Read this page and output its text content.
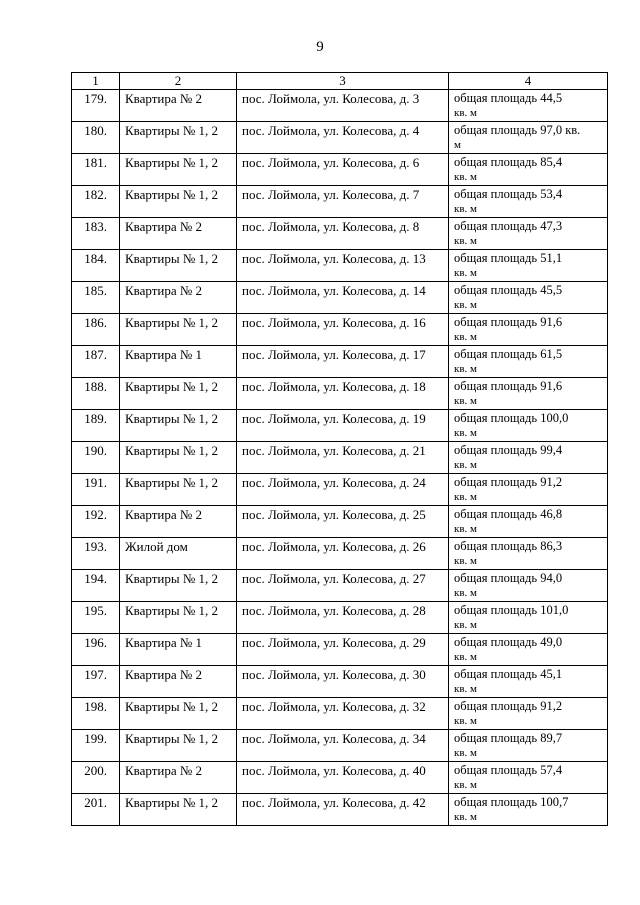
9
1	2	3	4
179.	Квартира № 2	пос. Лоймола, ул. Колесова, д. 3	общая площадь 44,5
кв. м

180.	Квартиры № 1, 2	пос. Лоймола, ул. Колесова, д. 4	общая площадь 97,0 кв.
м

181.	Квартиры № 1, 2	пос. Лоймола, ул. Колесова, д. 6	общая площадь 85,4
кв. м

182.	Квартиры № 1, 2	пос. Лоймола, ул. Колесова, д. 7	общая площадь 53,4
кв. м

183.	Квартира № 2	пос. Лоймола, ул. Колесова, д. 8	общая площадь 47,3
кв. м

184.	Квартиры № 1, 2	пос. Лоймола, ул. Колесова, д. 13	общая площадь 51,1
кв. м

185.	Квартира № 2	пос. Лоймола, ул. Колесова, д. 14	общая площадь 45,5
кв. м

186.	Квартиры № 1, 2	пос. Лоймола, ул. Колесова, д. 16	общая площадь 91,6
кв. м

187.	Квартира № 1	пос. Лоймола, ул. Колесова, д. 17	общая площадь 61,5
кв. м

188.	Квартиры № 1, 2	пос. Лоймола, ул. Колесова, д. 18	общая площадь 91,6
кв. м

189.	Квартиры № 1, 2	пос. Лоймола, ул. Колесова, д. 19	общая площадь 100,0
кв. м

190.	Квартиры № 1, 2	пос. Лоймола, ул. Колесова, д. 21	общая площадь 99,4
кв. м

191.	Квартиры № 1, 2	пос. Лоймола, ул. Колесова, д. 24	общая площадь 91,2
кв. м

192.	Квартира № 2	пос. Лоймола, ул. Колесова, д. 25	общая площадь 46,8
кв. м

193.	Жилой дом	пос. Лоймола, ул. Колесова, д. 26	общая площадь 86,3
кв. м

194.	Квартиры № 1, 2	пос. Лоймола, ул. Колесова, д. 27	общая площадь 94,0
кв. м

195.	Квартиры № 1, 2	пос. Лоймола, ул. Колесова, д. 28	общая площадь 101,0
кв. м

196.	Квартира № 1	пос. Лоймола, ул. Колесова, д. 29	общая площадь 49,0
кв. м

197.	Квартира № 2	пос. Лоймола, ул. Колесова, д. 30	общая площадь 45,1
кв. м

198.	Квартиры № 1, 2	пос. Лоймола, ул. Колесова, д. 32	общая площадь 91,2
кв. м

199.	Квартиры № 1, 2	пос. Лоймола, ул. Колесова, д. 34	общая площадь 89,7
кв. м

200.	Квартира № 2	пос. Лоймола, ул. Колесова, д. 40	общая площадь 57,4
кв. м

201.	Квартиры № 1, 2	пос. Лоймола, ул. Колесова, д. 42	общая площадь 100,7
кв. м
